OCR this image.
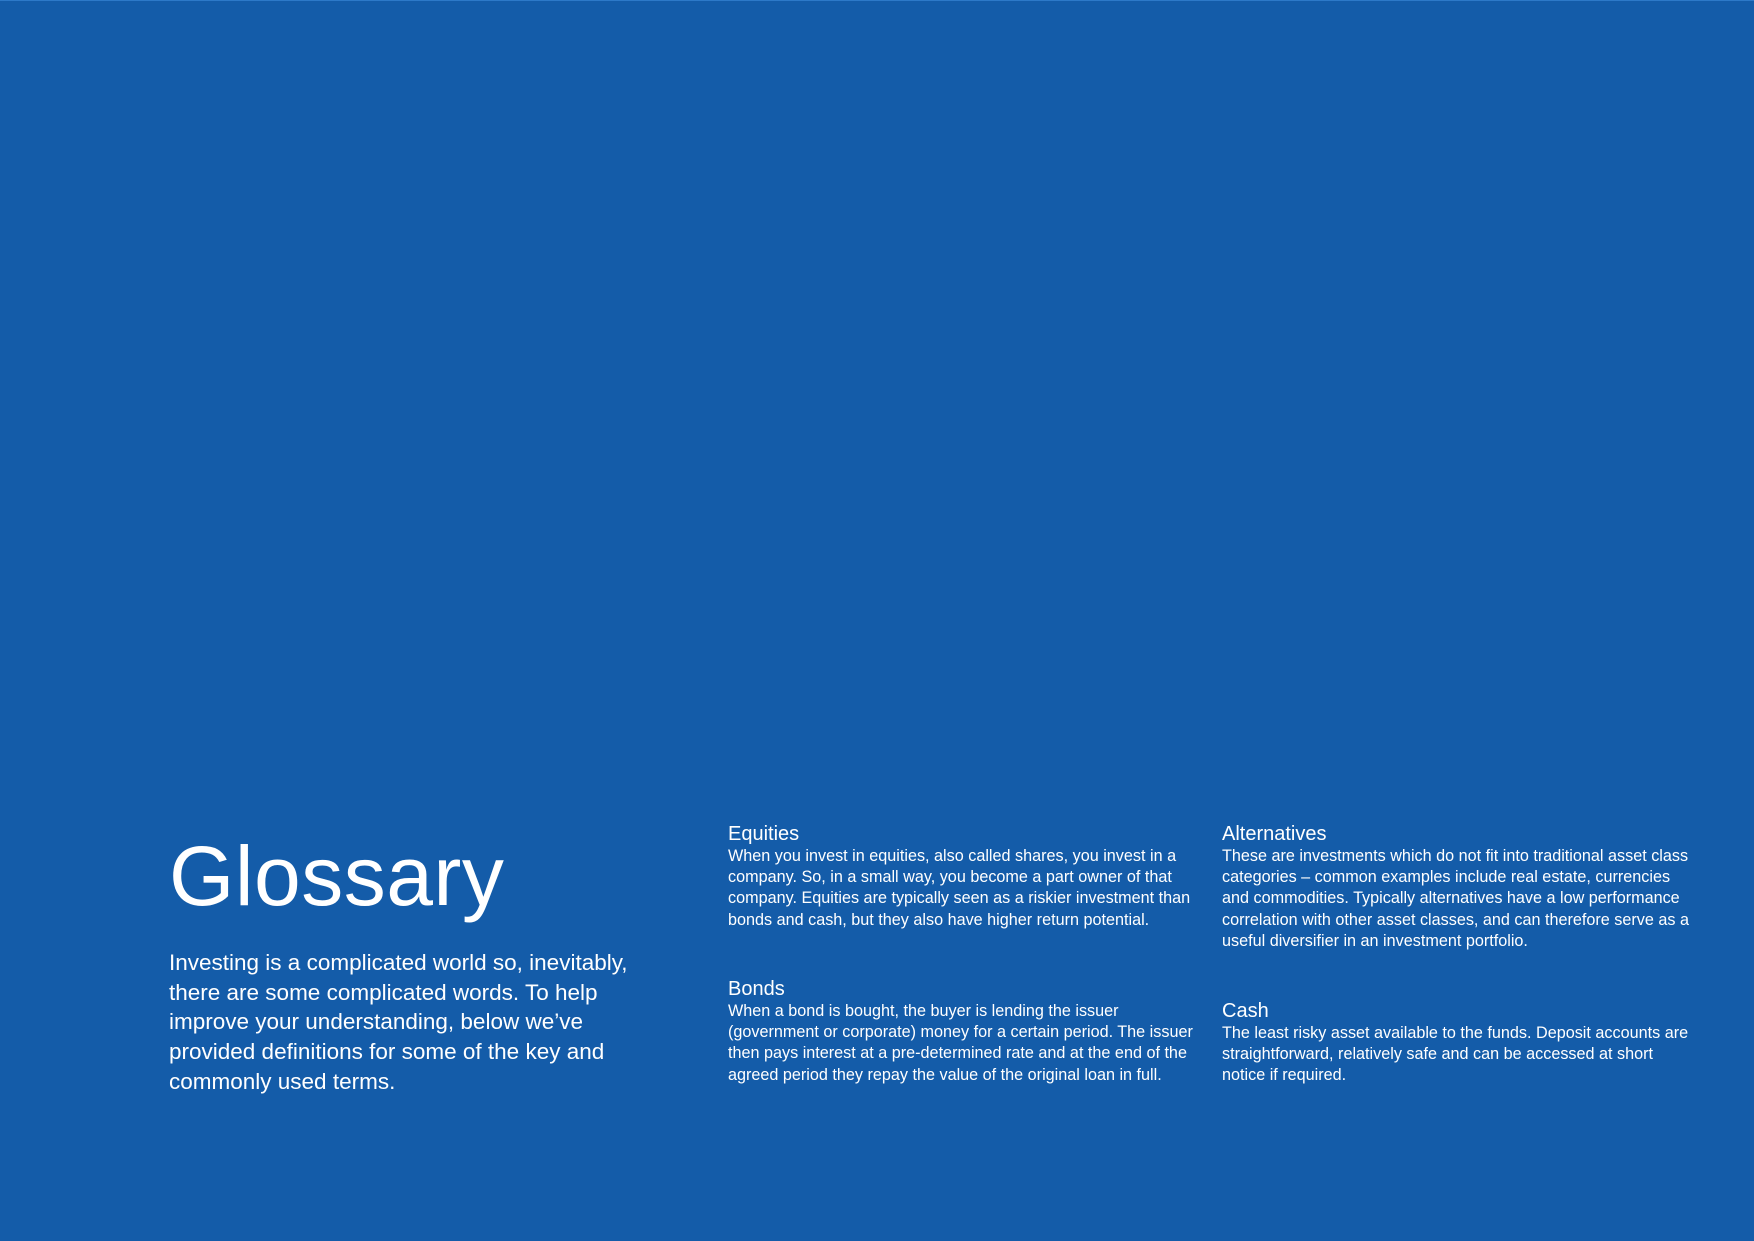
Glossary

Investing is a complicated world so, inevitably, there are some complicated words. To help improve your understanding, below we’ve provided definitions for some of the key and commonly used terms.

Equities

When you invest in equities, also called shares, you invest in a company. So, in a small way, you become a part owner of that company. Equities are typically seen as a riskier investment than bonds and cash, but they also have higher return potential.

Bonds

When a bond is bought, the buyer is lending the issuer (government or corporate) money for a certain period. The issuer then pays interest at a pre-determined rate and at the end of the agreed period they repay the value of the original loan in full.

Alternatives

These are investments which do not fit into traditional asset class categories – common examples include real estate, currencies and commodities. Typically alternatives have a low performance correlation with other asset classes, and can therefore serve as a useful diversifier in an investment portfolio.

Cash

The least risky asset available to the funds. Deposit accounts are straightforward, relatively safe and can be accessed at short notice if required.
